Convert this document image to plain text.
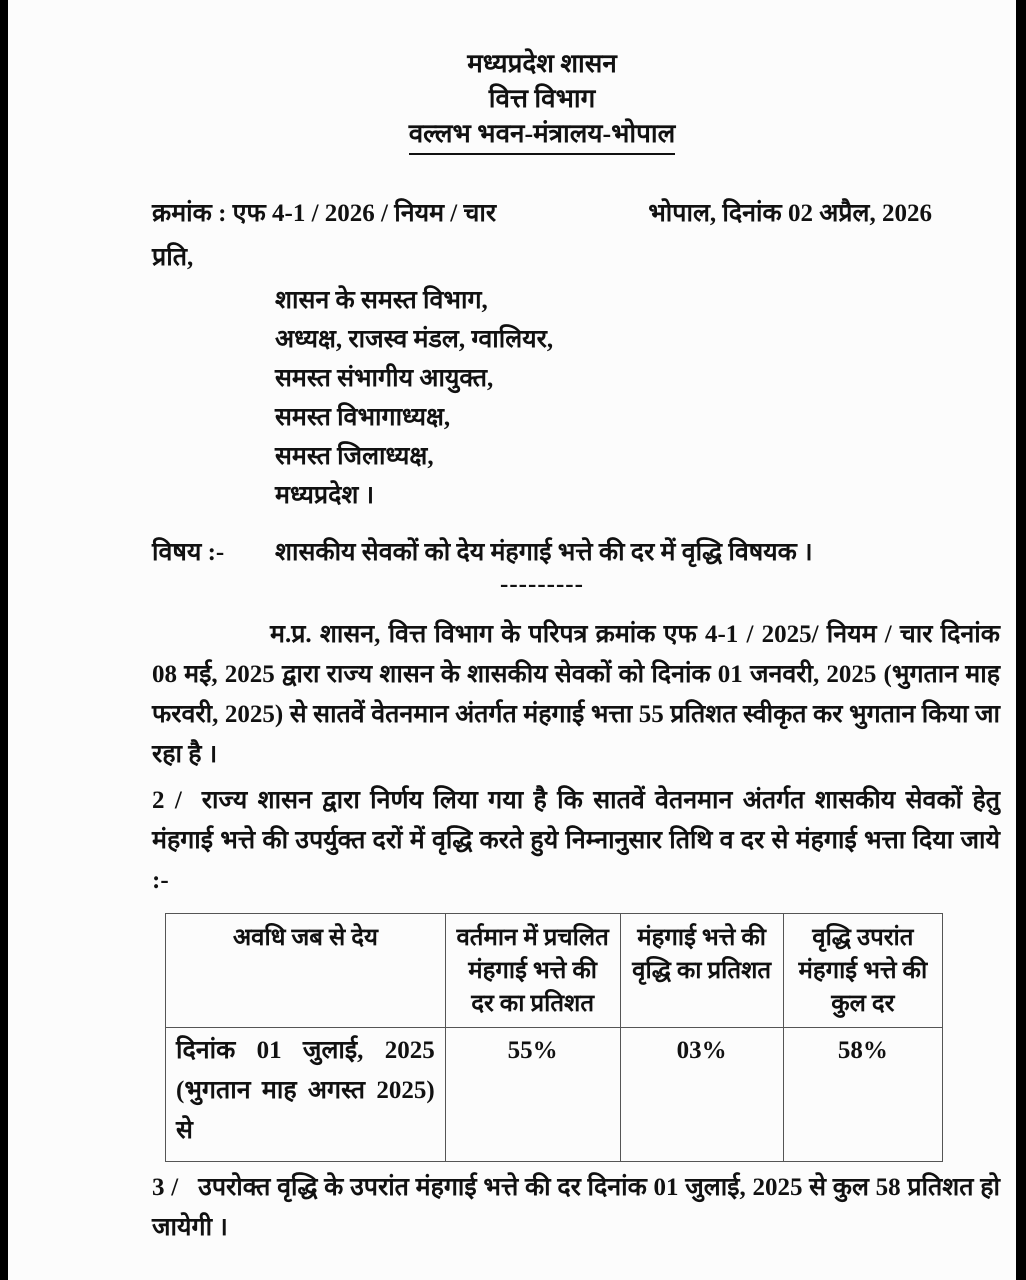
मध्यप्रदेश शासन
वित्त विभाग
वल्लभ भवन-मंत्रालय-भोपाल
क्रमांक : एफ 4-1 / 2026 / नियम / चार	भोपाल, दिनांक 02 अप्रैल, 2026
प्रति,
शासन के समस्त विभाग,
अध्यक्ष, राजस्व मंडल, ग्वालियर,
समस्त संभागीय आयुक्त,
समस्त विभागाध्यक्ष,
समस्त जिलाध्यक्ष,
मध्यप्रदेश ।
विषय :-	शासकीय सेवकों को देय मंहगाई भत्ते की दर में वृद्धि विषयक ।
---------

म.प्र. शासन, वित्त विभाग के परिपत्र क्रमांक एफ 4-1 / 2025/ नियम / चार दिनांक 08 मई, 2025 द्वारा राज्य शासन के शासकीय सेवकों को दिनांक 01 जनवरी, 2025 (भुगतान माह फरवरी, 2025) से सातवें वेतनमान अंतर्गत मंहगाई भत्ता 55 प्रतिशत स्वीकृत कर भुगतान किया जा रहा है ।

2 / राज्य शासन द्वारा निर्णय लिया गया है कि सातवें वेतनमान अंतर्गत शासकीय सेवकों हेतु मंहगाई भत्ते की उपर्युक्त दरों में वृद्धि करते हुये निम्नानुसार तिथि व दर से मंहगाई भत्ता दिया जाये :-

अवधि जब से देय	वर्तमान में प्रचलित मंहगाई भत्ते की दर का प्रतिशत	मंहगाई भत्ते की वृद्धि का प्रतिशत	वृद्धि उपरांत मंहगाई भत्ते की कुल दर
दिनांक 01 जुलाई, 2025 (भुगतान माह अगस्त 2025) से	55%	03%	58%

3 / उपरोक्त वृद्धि के उपरांत मंहगाई भत्ते की दर दिनांक 01 जुलाई, 2025 से कुल 58 प्रतिशत हो जायेगी ।
